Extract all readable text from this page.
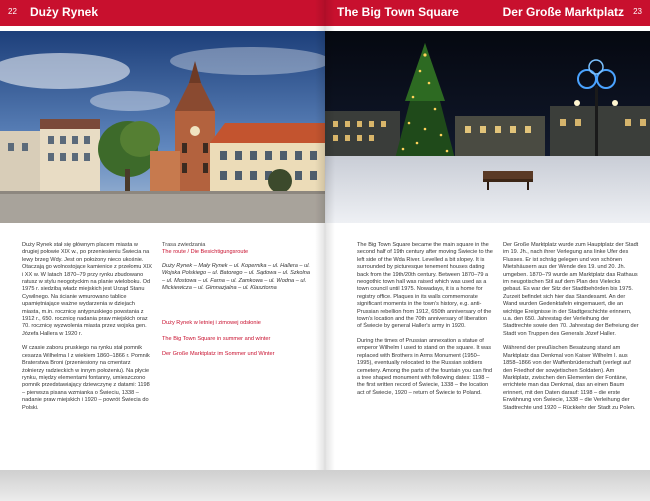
22 Duży Rynek

Duży Rynek stał się głównym placem miasta w drugiej połowie XIX w., po przeniesieniu Świecia na lewy brzeg Wdy. Jest on położony nieco ukośnie. Otaczają go wolnostojące kamienice z przełomu XIX i XX w. W latach 1870–79 przy rynku zbudowano ratusz w stylu neogotyckim na planie wieloboku. Od 1975 r. siedzibą władz miejskich jest Urząd Stanu Cywilnego. Na ścianie wmurowano tablice upamiętniające ważne wydarzenia w dziejach miasta, m.in. rocznicę antypruskiego powstania z 1912 r., 650. rocznicę nadania praw miejskich oraz 70. rocznicę wyzwolenia miasta przez wojska gen. Józefa Hallera w 1920 r.

W czasie zaboru pruskiego na rynku stał pomnik cesarza Wilhelma I z wiekiem 1860–1866 r. Pomnik Braterstwa Broni (przeniesiony na cmentarz żołnierzy radzieckich w innym położeniu). Na płycie rynku, między elementami fontanny, umieszczono pomnik przedstawiający dziewczynę z datami: 1198 – pierwsza pisana wzmianka o Świeciu, 1338 – nadanie praw miejskich i 1920 – powrót Świecia do Polski.

Trasa zwiedzania
The route / Die Besichtigungsroute
Duży Rynek – Mały Rynek – ul. Kopernika – ul. Hallera – ul. Wojska Polskiego – ul. Batorego – ul. Sądowa – ul. Szkolna – ul. Mostowa – ul. Farna – ul. Zamkowa – ul. Wodna – ul. Mickiewicza – ul. Gimnazjalna – ul. Klasztorna
Duży Rynek w letniej i zimowej odsłonie
The Big Town Square in summer and winter
Der Große Marktplatz im Sommer und Winter
The Big Town Square	Der Große Marktplatz 23

The Big Town Square became the main square in the second half of 19th century after moving Świecie to the left side of the Wda River. Levelled a bit slopey. It is surrounded by picturesque tenement houses dating back from the 19th/20th century. Between 1870–79 a neogothic town hall was raised which was used as a town council until 1975. Nowadays, it is a home for registry office. Plaques in its walls commemorate significant moments in the town's history, e.g. anti-Prussian rebellion from 1912, 650th anniversary of the town's location and the 70th anniversary of liberation of Świecie by general Haller's army in 1920.

During the times of Prussian annexation a statue of emperor Wilhelm I used to stand on the square. It was replaced with Brothers in Arms Monument (1950–1995), eventually relocated to the Russian soldiers cemetery. Among the parts of the fountain you can find a tree shaped monument with following dates: 1198 – the first written record of Świecie, 1338 – the location act of Świecie, 1920 – return of Świecie to Poland.

Der Große Marktplatz wurde zum Hauptplatz der Stadt im 19. Jh., nach ihrer Verlegung ans linke Ufer des Flusses. Er ist schräg gelegen und von schönen Mietshäusern aus der Wende des 19. und 20. Jh. umgeben. 1870–79 wurde am Marktplatz das Rathaus im neugotischen Stil auf dem Plan des Vielecks gebaut. Es war der Sitz der Stadtbehörden bis 1975. Zurzeit befindet sich hier das Standesamt. An der Wand wurden Gedenktafeln eingemauert, die an wichtige Ereignisse in der Stadtgeschichte erinnern, u.a. den 650. Jahrestag der Verleihung der Stadtrechte sowie den 70. Jahrestag der Befreiung der Stadt von Truppen des Generals Józef Haller.

Während der preußischen Besatzung stand am Marktplatz das Denkmal von Kaiser Wilhelm I. aus 1858–1866 von der Waffenbrüderschaft (verlegt auf den Friedhof der sowjetischen Soldaten). Am Marktplatz, zwischen den Elementen der Fontäne, errichtete man das Denkmal, das an einen Baum erinnert, mit den Daten darauf: 1198 – die erste Erwähnung von Świecie, 1338 – die Verleihung der Stadtrechte und 1920 – Rückkehr der Stadt zu Polen.
